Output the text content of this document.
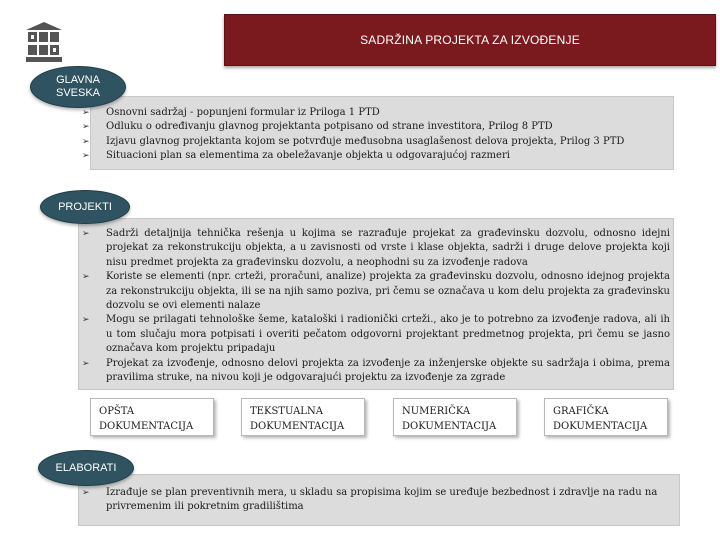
SADRŽINA PROJEKTA ZA IZVOĐENJE
GLAVNA
SVESKA
➢ Osnovni sadržaj - popunjeni formular iz Priloga 1 PTD
➢ Odluku o određivanju glavnog projektanta potpisano od strane investitora, Prilog 8 PTD
➢ Izjavu glavnog projektanta kojom se potvrđuje međusobna usaglašenost delova projekta, Prilog 3 PTD
➢ Situacioni plan sa elementima za obeležavanje objekta u odgovarajućoj razmeri
PROJEKTI
➢ Sadrži detaljnija tehnička rešenja u kojima se razrađuje projekat za građevinsku dozvolu, odnosno idejni projekat za rekonstrukciju objekta, a u zavisnosti od vrste i klase objekta, sadrži i druge delove projekta koji nisu predmet projekta za građevinsku dozvolu, a neophodni su za izvođenje radova
➢ Koriste se elementi (npr. crteži, proračuni, analize) projekta za građevinsku dozvolu, odnosno idejnog projekta za rekonstrukciju objekta, ili se na njih samo poziva, pri čemu se označava u kom delu projekta za građevinsku dozvolu se ovi elementi nalaze
➢ Mogu se prilagati tehnološke šeme, kataloški i radionički crteži., ako je to potrebno za izvođenje radova, ali ih u tom slučaju mora potpisati i overiti pečatom odgovorni projektant predmetnog projekta, pri čemu se jasno označava kom projektu pripadaju
➢ Projekat za izvođenje, odnosno delovi projekta za izvođenje za inženjerske objekte su sadržaja i obima, prema pravilima struke, na nivou koji je odgovarajući projektu za izvođenje za zgrade
OPŠTA
DOKUMENTACIJA
TEKSTUALNA
DOKUMENTACIJA
NUMERIČKA
DOKUMENTACIJA
GRAFIČKA
DOKUMENTACIJA
ELABORATI
➢ Izrađuje se plan preventivnih mera, u skladu sa propisima kojim se uređuje bezbednost i zdravlje na radu na privremenim ili pokretnim gradilištima
